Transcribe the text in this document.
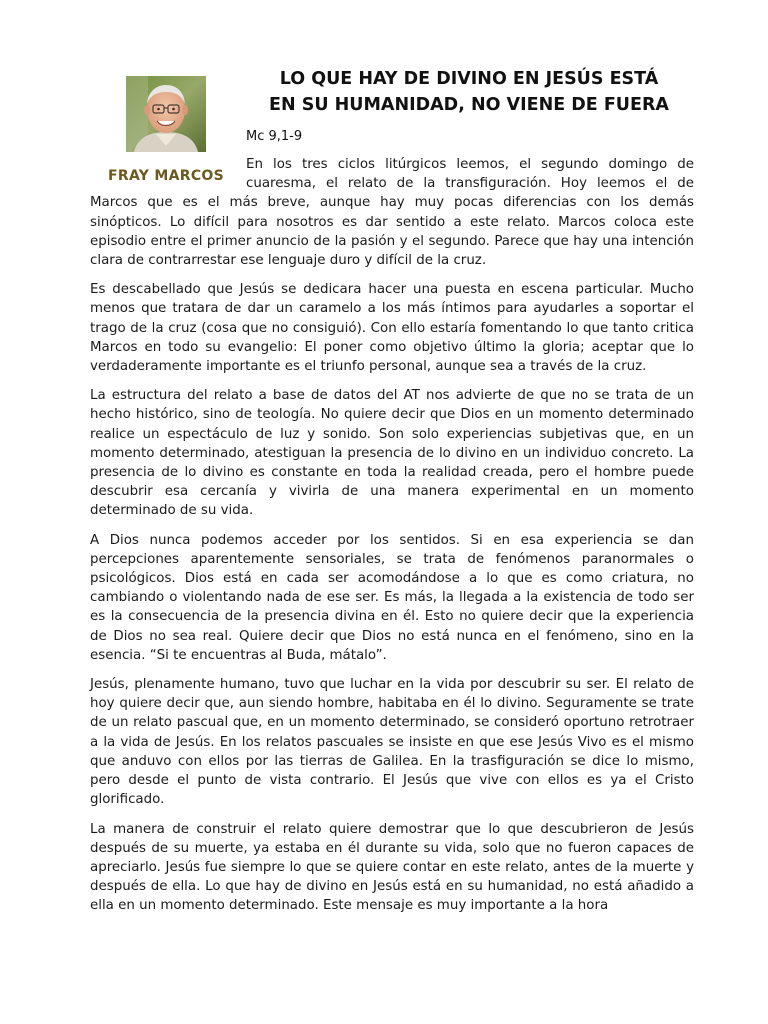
FRAY MARCOS
LO QUE HAY DE DIVINO EN JESÚS ESTÁ
EN SU HUMANIDAD, NO VIENE DE FUERA
Mc 9,1-9

En los tres ciclos litúrgicos leemos, el segundo domingo de cuaresma, el relato de la transfiguración. Hoy leemos el de Marcos que es el más breve, aunque hay muy pocas diferencias con los demás sinópticos. Lo difícil para nosotros es dar sentido a este relato. Marcos coloca este episodio entre el primer anuncio de la pasión y el segundo. Parece que hay una intención clara de contrarrestar ese lenguaje duro y difícil de la cruz.

Es descabellado que Jesús se dedicara hacer una puesta en escena particular. Mucho menos que tratara de dar un caramelo a los más íntimos para ayudarles a soportar el trago de la cruz (cosa que no consiguió). Con ello estaría fomentando lo que tanto critica Marcos en todo su evangelio: El poner como objetivo último la gloria; aceptar que lo verdaderamente importante es el triunfo personal, aunque sea a través de la cruz.

La estructura del relato a base de datos del AT nos advierte de que no se trata de un hecho histórico, sino de teología. No quiere decir que Dios en un momento determinado realice un espectáculo de luz y sonido. Son solo experiencias subjetivas que, en un momento determinado, atestiguan la presencia de lo divino en un individuo concreto. La presencia de lo divino es constante en toda la realidad creada, pero el hombre puede descubrir esa cercanía y vivirla de una manera experimental en un momento determinado de su vida.

A Dios nunca podemos acceder por los sentidos. Si en esa experiencia se dan percepciones aparentemente sensoriales, se trata de fenómenos paranormales o psicológicos. Dios está en cada ser acomodándose a lo que es como criatura, no cambiando o violentando nada de ese ser. Es más, la llegada a la existencia de todo ser es la consecuencia de la presencia divina en él. Esto no quiere decir que la experiencia de Dios no sea real. Quiere decir que Dios no está nunca en el fenómeno, sino en la esencia. “Si te encuentras al Buda, mátalo”.

Jesús, plenamente humano, tuvo que luchar en la vida por descubrir su ser. El relato de hoy quiere decir que, aun siendo hombre, habitaba en él lo divino. Seguramente se trate de un relato pascual que, en un momento determinado, se consideró oportuno retrotraer a la vida de Jesús. En los relatos pascuales se insiste en que ese Jesús Vivo es el mismo que anduvo con ellos por las tierras de Galilea. En la trasfiguración se dice lo mismo, pero desde el punto de vista contrario. El Jesús que vive con ellos es ya el Cristo glorificado.

La manera de construir el relato quiere demostrar que lo que descubrieron de Jesús después de su muerte, ya estaba en él durante su vida, solo que no fueron capaces de apreciarlo. Jesús fue siempre lo que se quiere contar en este relato, antes de la muerte y después de ella. Lo que hay de divino en Jesús está en su humanidad, no está añadido a ella en un momento determinado. Este mensaje es muy importante a la hora
